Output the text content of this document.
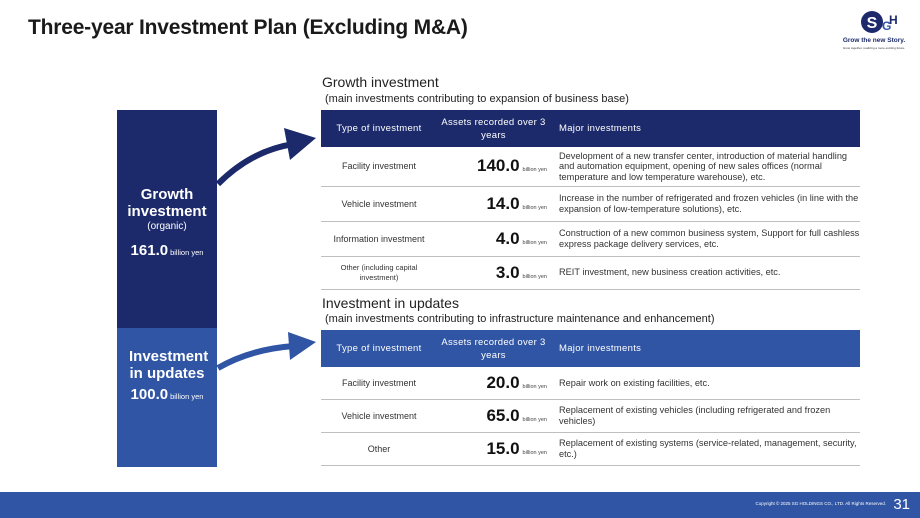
Three-year Investment Plan (Excluding M&A)	S G
H
Grow the new Story.
Grow together, realizing a more exciting future.
Growth investment
(organic)
161.0 billion yen
Investment in updates
100.0 billion yen
Growth investment
(main investments contributing to expansion of business base)
Type of investment	Assets recorded over 3 years	Major investments
Facility investment	140.0 billion yen	Development of a new transfer center, introduction of material handling and automation equipment, opening of new sales offices (normal temperature and low temperature warehouse), etc.
Vehicle investment	14.0 billion yen	Increase in the number of refrigerated and frozen vehicles (in line with the expansion of low-temperature solutions), etc.
Information investment	4.0 billion yen	Construction of a new common business system, Support for full cashless express package delivery services, etc.
Other (including capital investment)	3.0 billion yen	REIT investment, new business creation activities, etc.
Investment in updates
(main investments contributing to infrastructure maintenance and enhancement)
Type of investment	Assets recorded over 3 years	Major investments
Facility investment	20.0 billion yen	Repair work on existing facilities, etc.
Vehicle investment	65.0 billion yen	Replacement of existing vehicles (including refrigerated and frozen vehicles)
Other	15.0 billion yen	Replacement of existing systems (service-related, management, security, etc.)
Copyright © 2025 SG HOLDINGS CO., LTD. All Rights Reserved. 31
